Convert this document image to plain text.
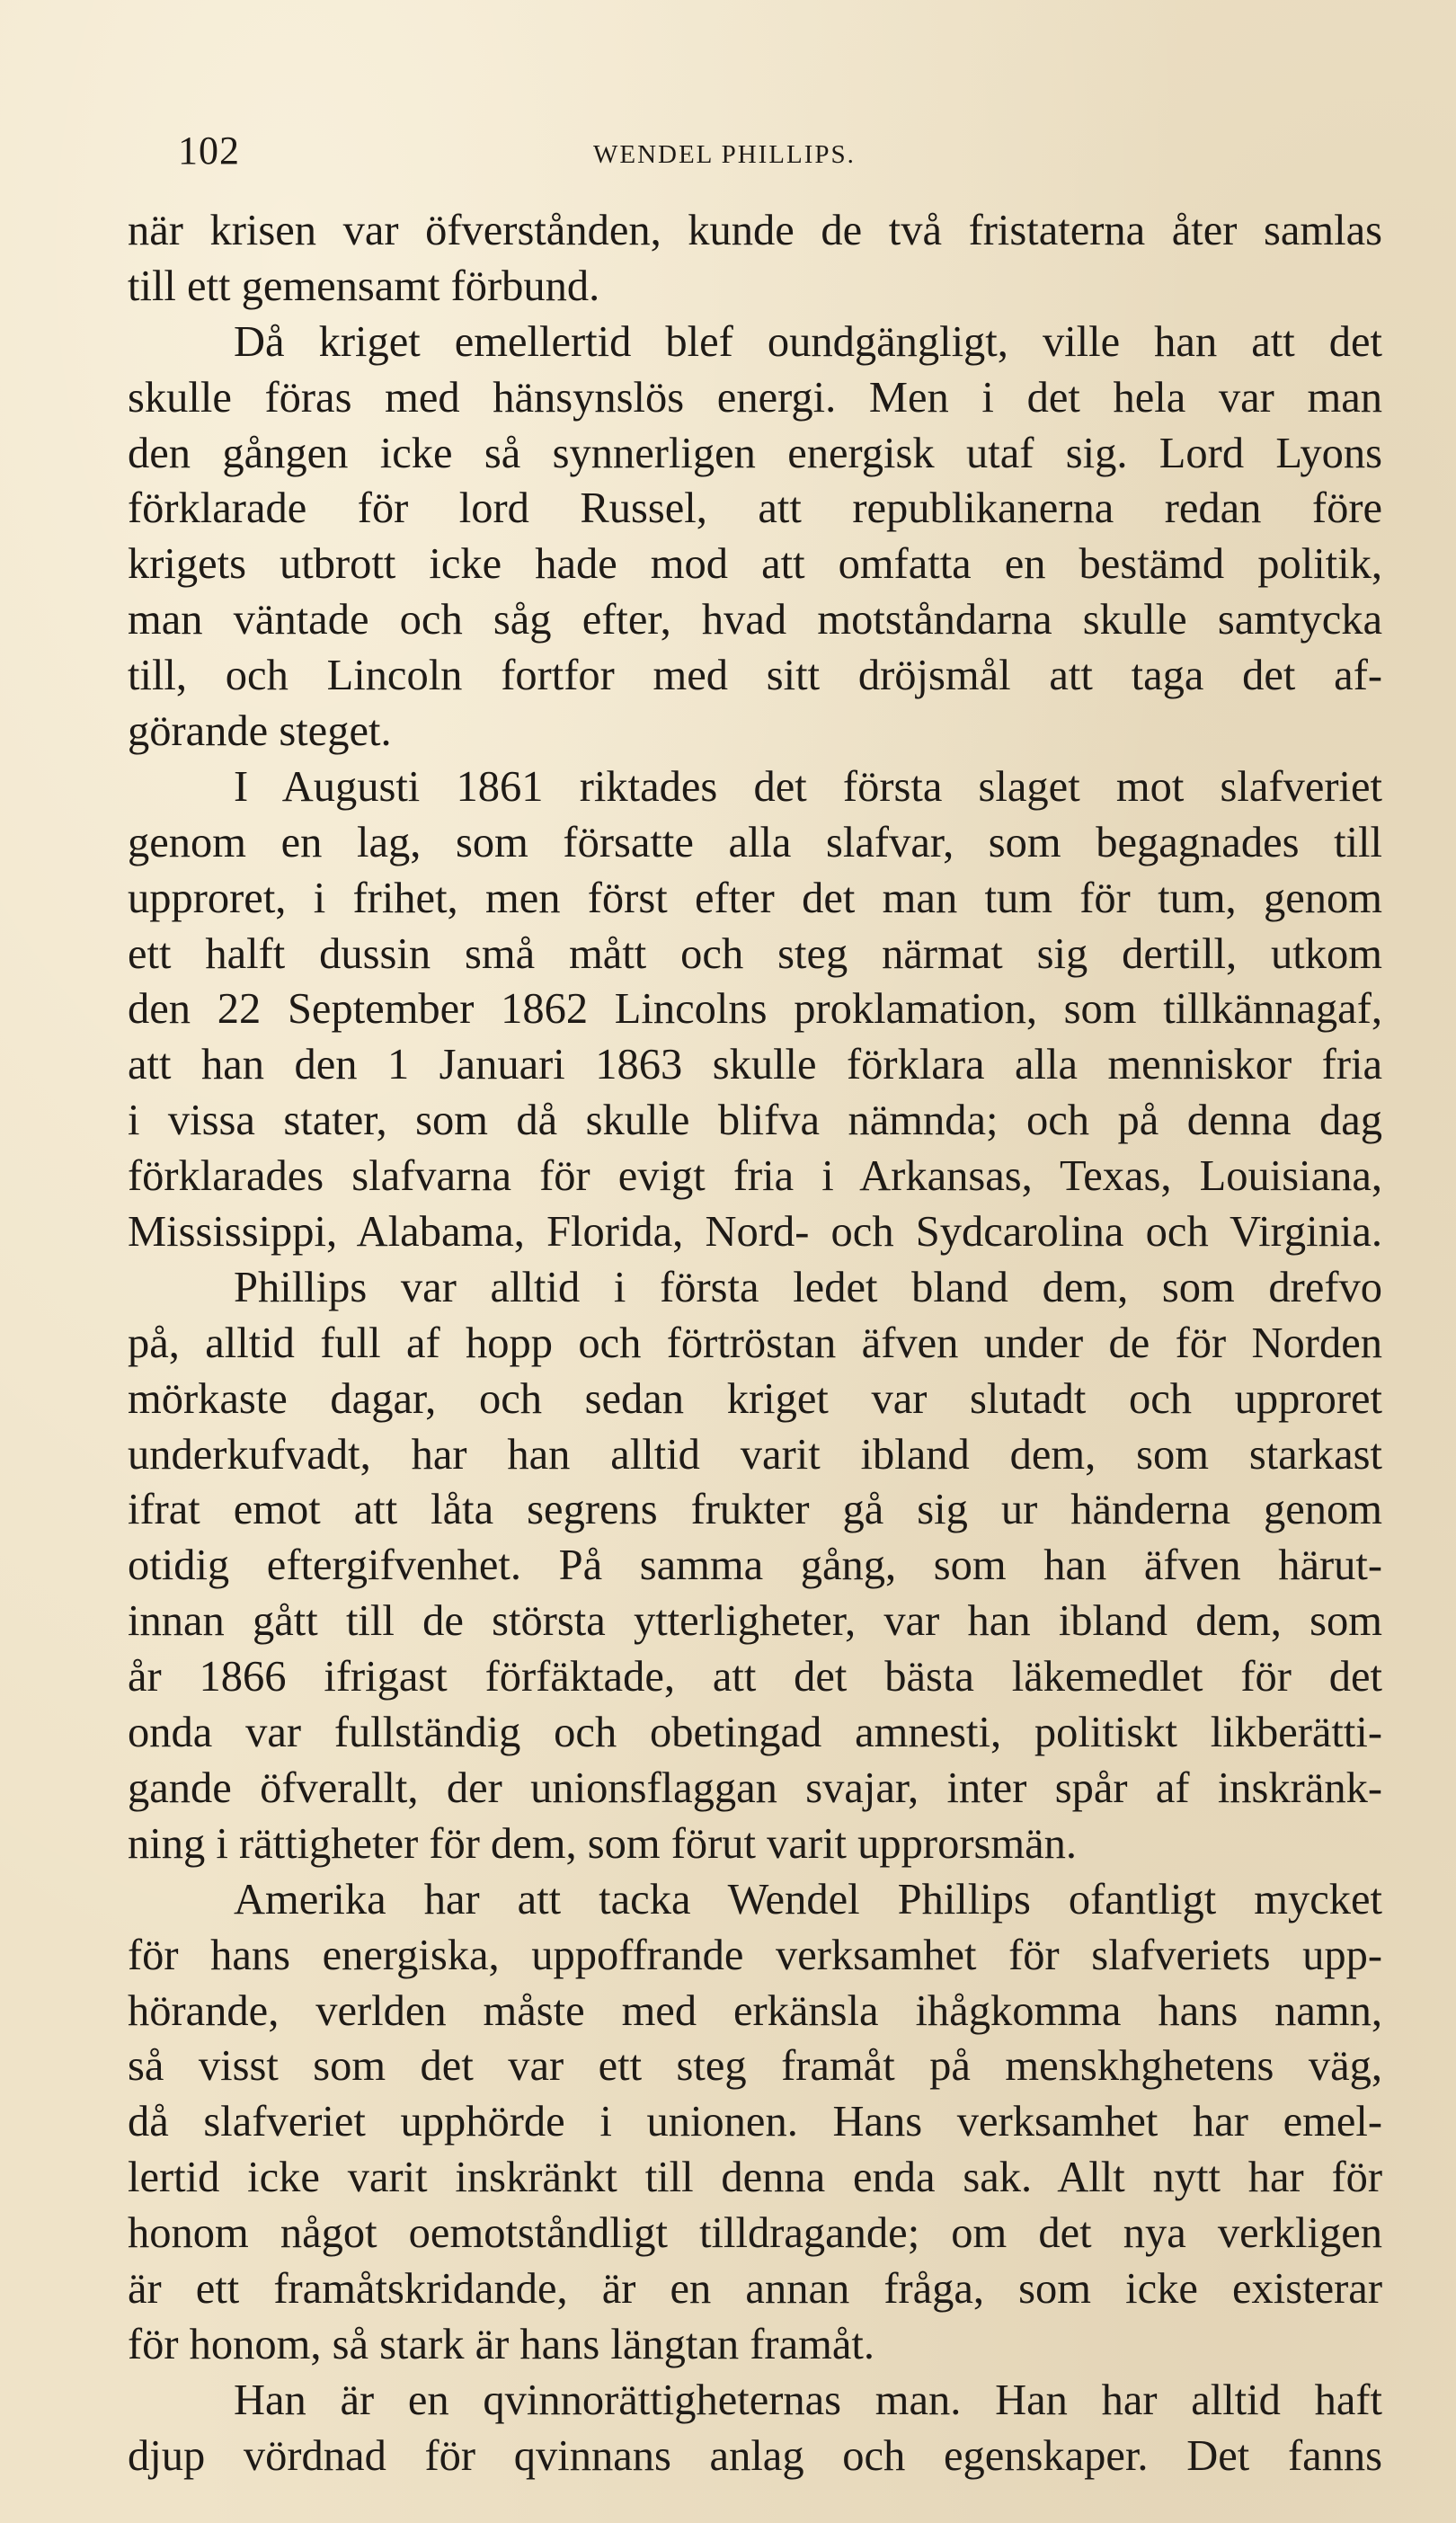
102	WENDEL PHILLIPS.
när krisen var öfverstånden, kunde de två fristaterna åter samlas
till ett gemensamt förbund.
Då kriget emellertid blef oundgängligt, ville han att det
skulle föras med hänsynslös energi. Men i det hela var man
den gången icke så synnerligen energisk utaf sig. Lord Lyons
förklarade för lord Russel, att republikanerna redan före
krigets utbrott icke hade mod att omfatta en bestämd politik,
man väntade och såg efter, hvad motståndarna skulle samtycka
till, och Lincoln fortfor med sitt dröjsmål att taga det af-
görande steget.
I Augusti 1861 riktades det första slaget mot slafveriet
genom en lag, som försatte alla slafvar, som begagnades till
upproret, i frihet, men först efter det man tum för tum, genom
ett halft dussin små mått och steg närmat sig dertill, utkom
den 22 September 1862 Lincolns proklamation, som tillkännagaf,
att han den 1 Januari 1863 skulle förklara alla menniskor fria
i vissa stater, som då skulle blifva nämnda; och på denna dag
förklarades slafvarna för evigt fria i Arkansas, Texas, Louisiana,
Mississippi, Alabama, Florida, Nord- och Sydcarolina och Virginia.
Phillips var alltid i första ledet bland dem, som drefvo
på, alltid full af hopp och förtröstan äfven under de för Norden
mörkaste dagar, och sedan kriget var slutadt och upproret
underkufvadt, har han alltid varit ibland dem, som starkast
ifrat emot att låta segrens frukter gå sig ur händerna genom
otidig eftergifvenhet. På samma gång, som han äfven härut-
innan gått till de största ytterligheter, var han ibland dem, som
år 1866 ifrigast förfäktade, att det bästa läkemedlet för det
onda var fullständig och obetingad amnesti, politiskt likberätti-
gande öfverallt, der unionsflaggan svajar, inter spår af inskränk-
ning i rättigheter för dem, som förut varit upprorsmän.
Amerika har att tacka Wendel Phillips ofantligt mycket
för hans energiska, uppoffrande verksamhet för slafveriets upp-
hörande, verlden måste med erkänsla ihågkomma hans namn,
så visst som det var ett steg framåt på menskhghetens väg,
då slafveriet upphörde i unionen. Hans verksamhet har emel-
lertid icke varit inskränkt till denna enda sak. Allt nytt har för
honom något oemotståndligt tilldragande; om det nya verkligen
är ett framåtskridande, är en annan fråga, som icke existerar
för honom, så stark är hans längtan framåt.
Han är en qvinnorättigheternas man. Han har alltid haft
djup vördnad för qvinnans anlag och egenskaper. Det fanns
